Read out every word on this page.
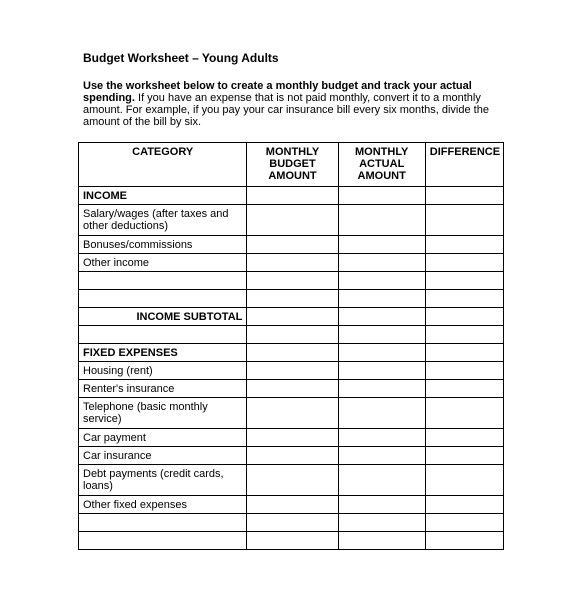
Budget Worksheet – Young Adults
Use the worksheet below to create a monthly budget and track your actual spending. If you have an expense that is not paid monthly, convert it to a monthly amount. For example, if you pay your car insurance bill every six months, divide the amount of the bill by six.
CATEGORY	MONTHLY BUDGET AMOUNT	MONTHLY ACTUAL AMOUNT	DIFFERENCE
INCOME			
Salary/wages (after taxes and other deductions)			
Bonuses/commissions			
Other income			

INCOME SUBTOTAL			

FIXED EXPENSES			
Housing (rent)			
Renter's insurance			
Telephone (basic monthly service)			
Car payment			
Car insurance			
Debt payments (credit cards, loans)			
Other fixed expenses			
